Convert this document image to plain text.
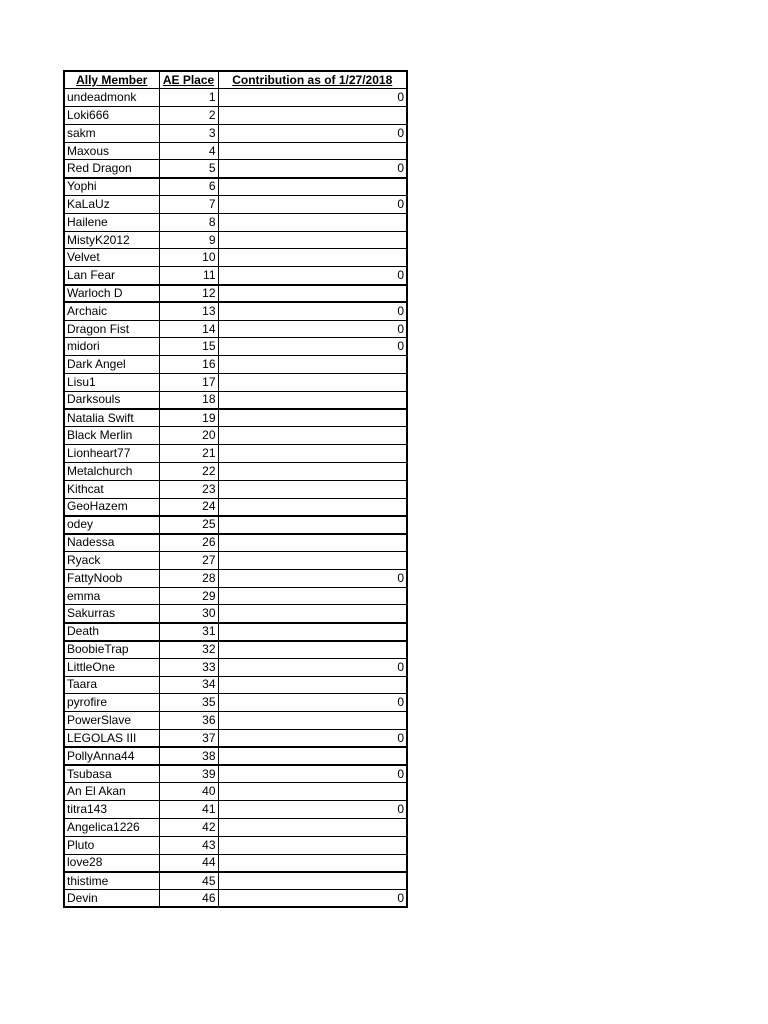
Ally Member	AE Place	Contribution as of 1/27/2018
undeadmonk	1	0
Loki666	2	
sakm	3	0
Maxous	4	
Red Dragon	5	0
Yophi	6	
KaLaUz	7	0
Hailene	8	
MistyK2012	9	
Velvet	10	
Lan Fear	11	0
Warloch D	12	
Archaic	13	0
Dragon Fist	14	0
midori	15	0
Dark Angel	16	
Lisu1	17	
Darksouls	18	
Natalia Swift	19	
Black Merlin	20	
Lionheart77	21	
Metalchurch	22	
Kithcat	23	
GeoHazem	24	
odey	25	
Nadessa	26	
Ryack	27	
FattyNoob	28	0
emma	29	
Sakurras	30	
Death	31	
BoobieTrap	32	
LittleOne	33	0
Taara	34	
pyrofire	35	0
PowerSlave	36	
LEGOLAS III	37	0
PollyAnna44	38	
Tsubasa	39	0
An El Akan	40	
titra143	41	0
Angelica1226	42	
Pluto	43	
love28	44	
thistime	45	
Devin	46	0
